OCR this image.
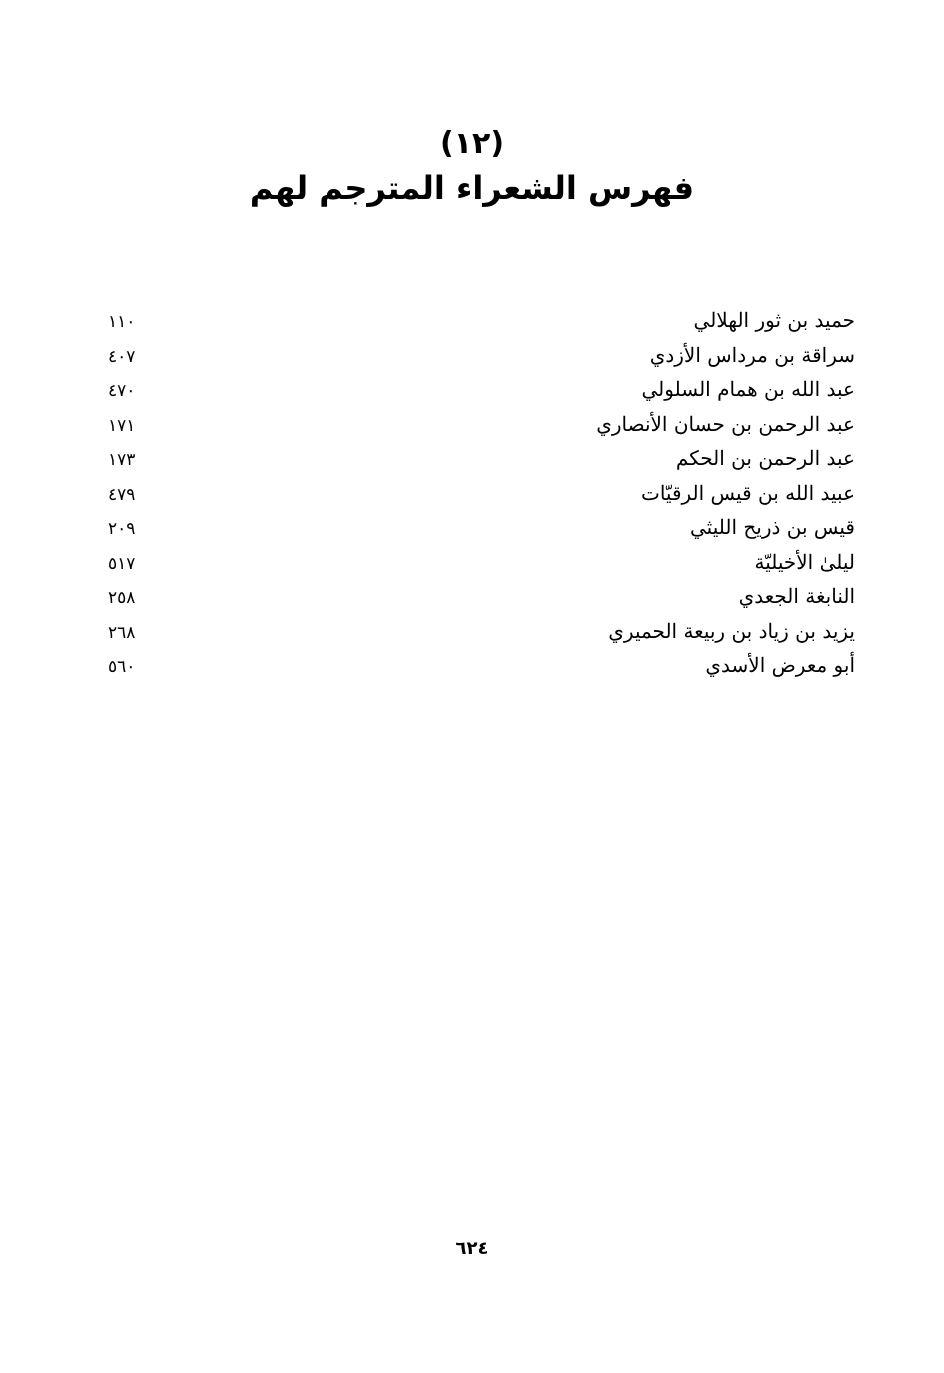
(١٢)
فهرس الشعراء المترجم لهم
حميد بن ثور الهلالي
١١٠
سراقة بن مرداس الأزدي
٤٠٧
عبد الله بن همام السلولي
٤٧٠
عبد الرحمن بن حسان الأنصاري
١٧١
عبد الرحمن بن الحكم
١٧٣
عبيد الله بن قيس الرقيّات
٤٧٩
قيس بن ذريح الليثي
٢٠٩
ليلىٰ الأخيليّة
٥١٧
النابغة الجعدي
٢٥٨
يزيد بن زياد بن ربيعة الحميري
٢٦٨
أبو معرض الأسدي
٥٦٠
٦٢٤
